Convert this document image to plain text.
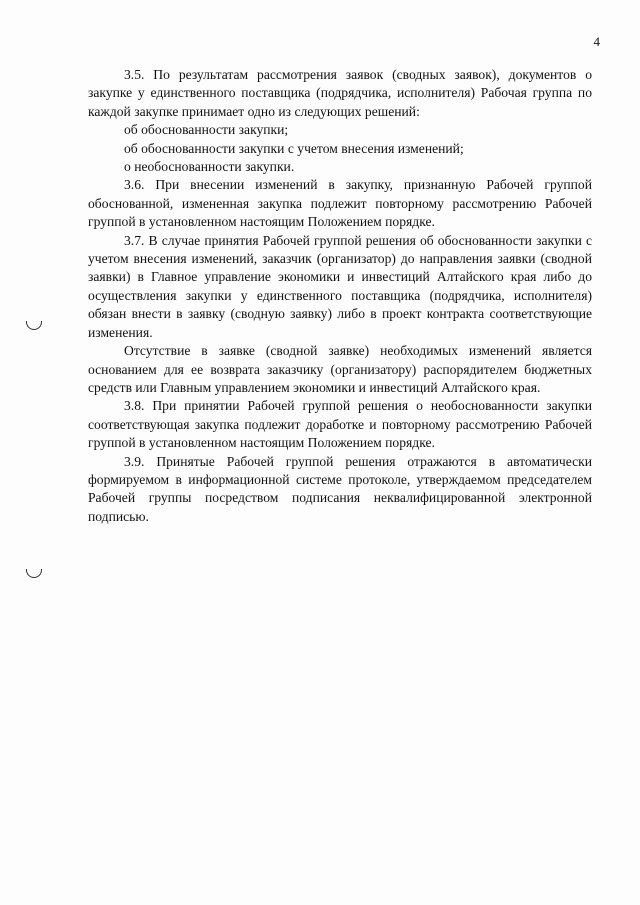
4

3.5. По результатам рассмотрения заявок (сводных заявок), документов о закупке у единственного поставщика (подрядчика, исполнителя) Рабочая группа по каждой закупке принимает одно из следующих решений:

об обоснованности закупки;

об обоснованности закупки с учетом внесения изменений;

о необоснованности закупки.

3.6. При внесении изменений в закупку, признанную Рабочей группой обоснованной, измененная закупка подлежит повторному рассмотрению Рабочей группой в установленном настоящим Положением порядке.

3.7. В случае принятия Рабочей группой решения об обоснованности закупки с учетом внесения изменений, заказчик (организатор) до направления заявки (сводной заявки) в Главное управление экономики и инвестиций Алтайского края либо до осуществления закупки у единственного поставщика (подрядчика, исполнителя) обязан внести в заявку (сводную заявку) либо в проект контракта соответствующие изменения.

Отсутствие в заявке (сводной заявке) необходимых изменений является основанием для ее возврата заказчику (организатору) распорядителем бюджетных средств или Главным управлением экономики и инвестиций Алтайского края.

3.8. При принятии Рабочей группой решения о необоснованности закупки соответствующая закупка подлежит доработке и повторному рассмотрению Рабочей группой в установленном настоящим Положением порядке.

3.9. Принятые Рабочей группой решения отражаются в автоматически формируемом в информационной системе протоколе, утверждаемом председателем Рабочей группы посредством подписания неквалифицированной электронной подписью.
